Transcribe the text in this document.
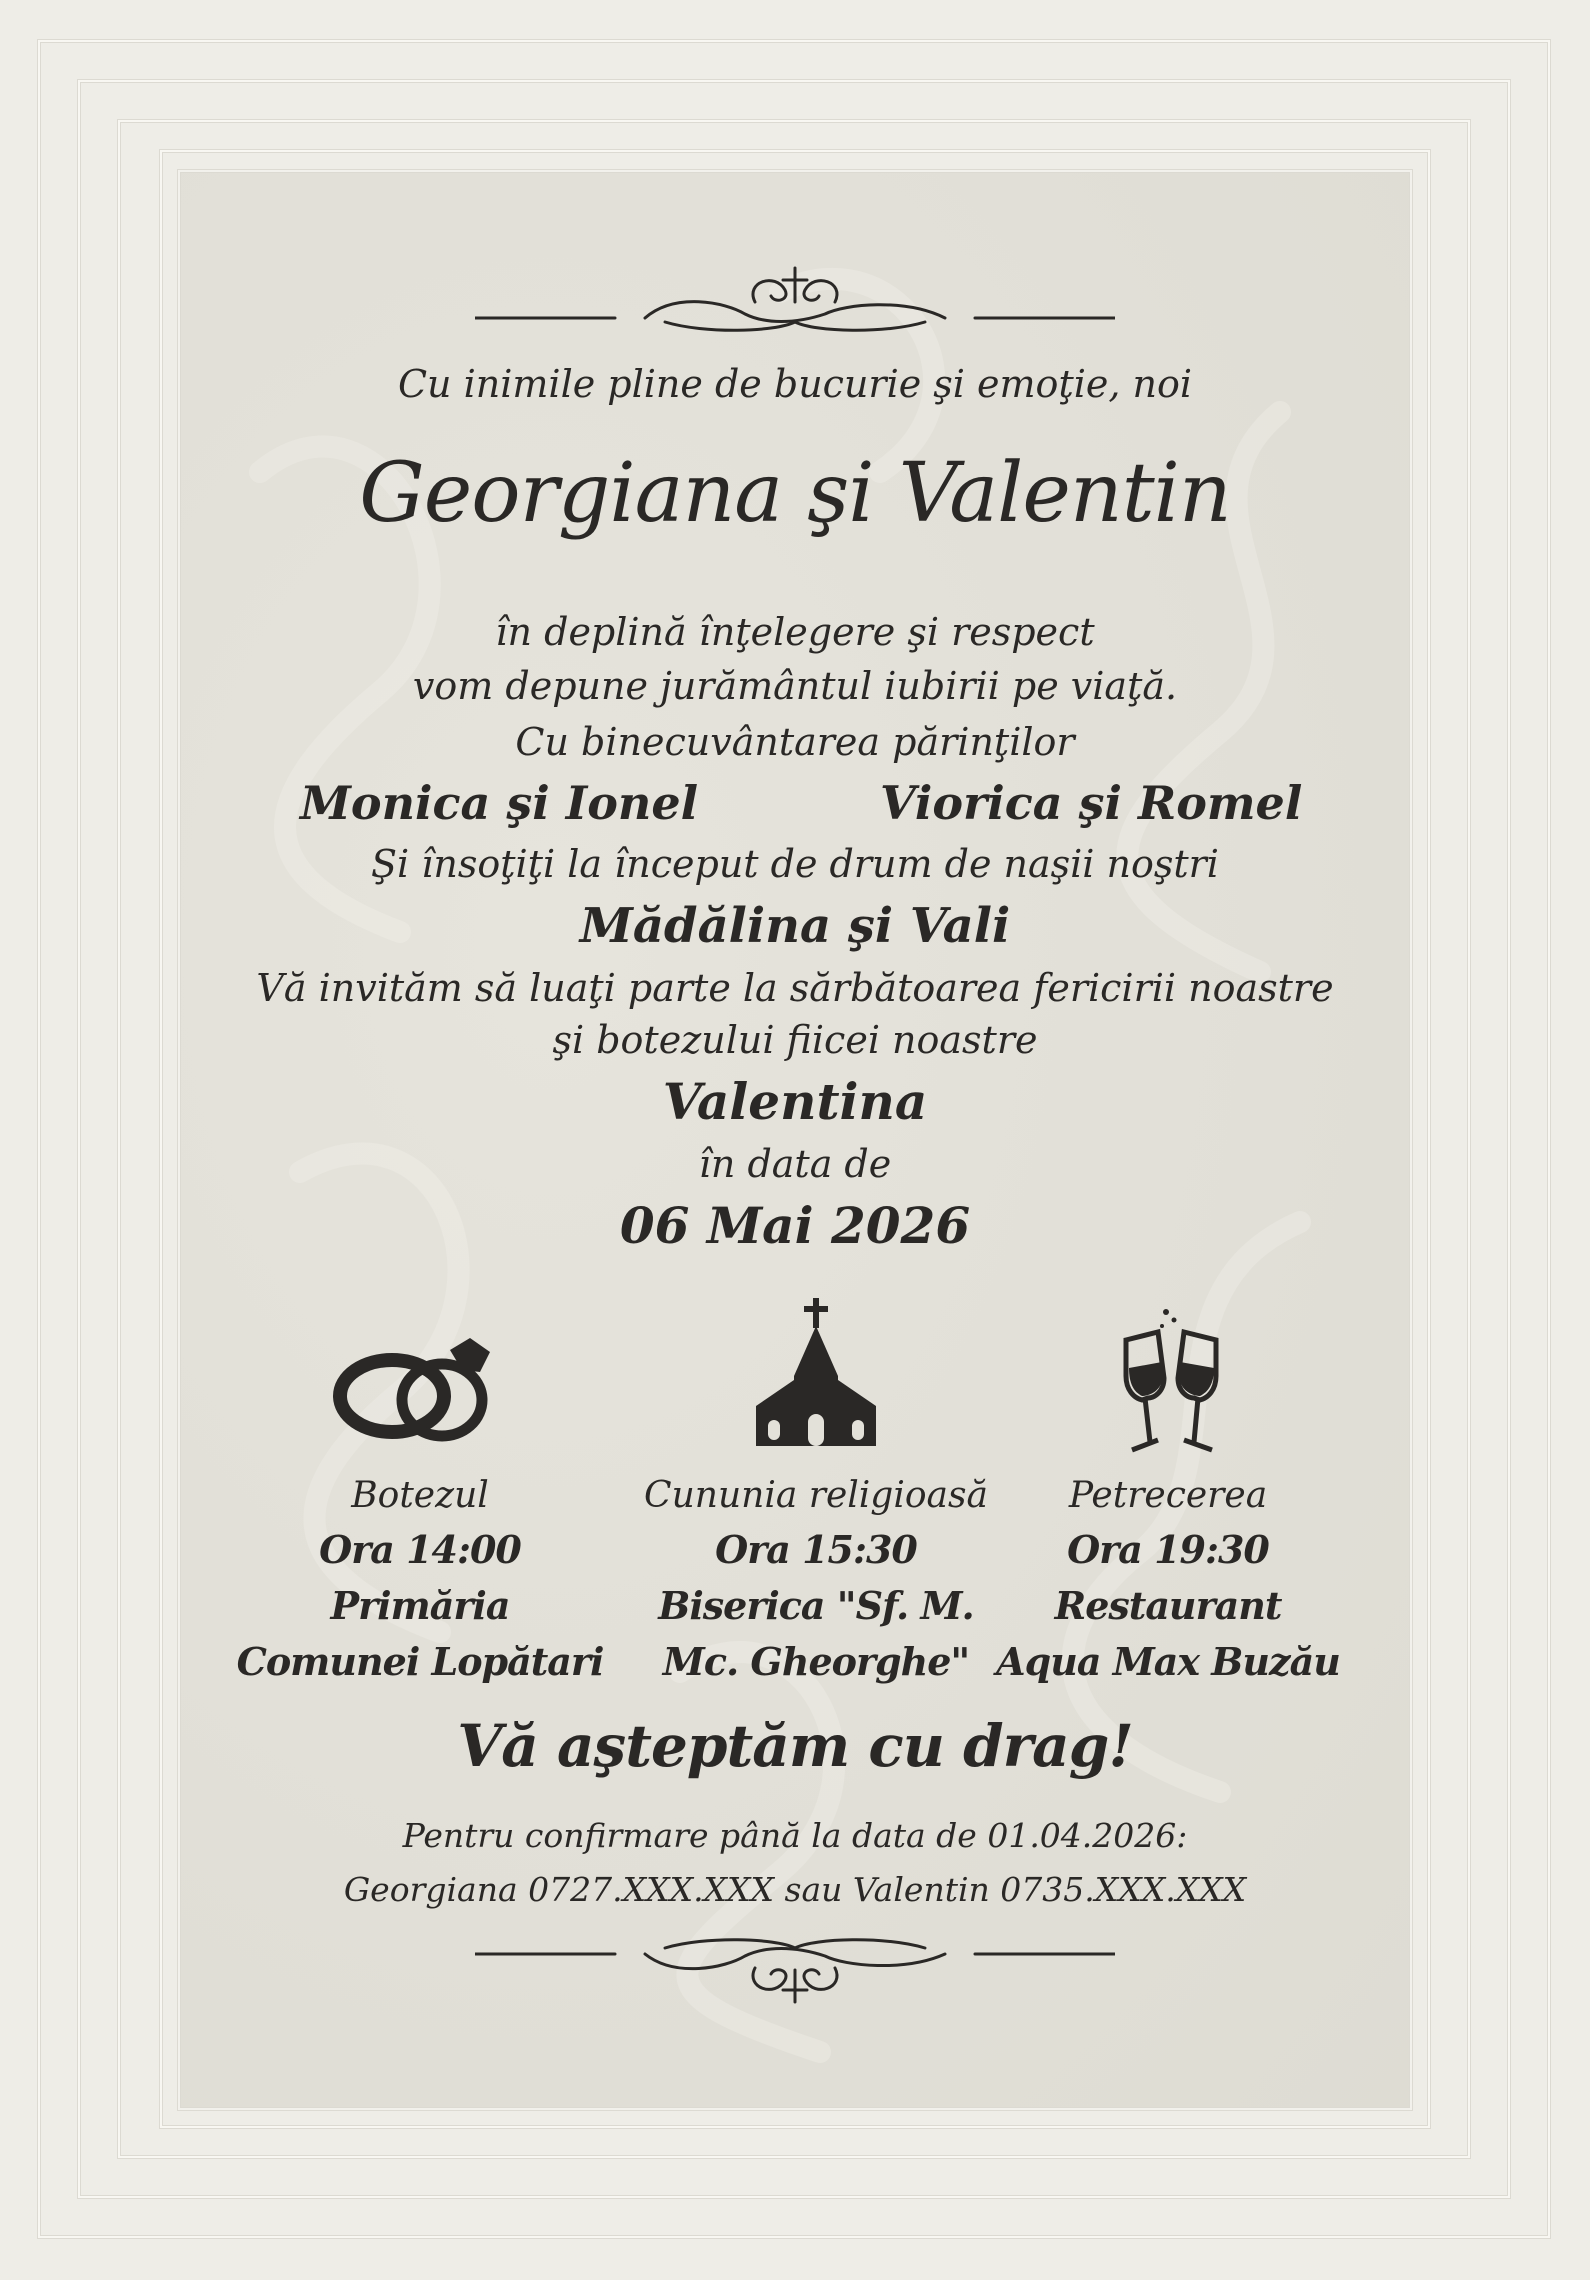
Cu inimile pline de bucurie şi emoţie, noi
Georgiana şi Valentin
în deplină înţelegere şi respect
vom depune jurământul iubirii pe viaţă.
Cu binecuvântarea părinţilor
Monica şi Ionel	Viorica şi Romel
Şi însoţiţi la început de drum de naşii noştri
Mădălina şi Vali
Vă invităm să luaţi parte la sărbătoarea fericirii noastre
şi botezului fiicei noastre
Valentina
în data de
06 Mai 2026
Botezul
Ora 14:00
Primăria
Comunei Lopătari
Cununia religioasă
Ora 15:30
Biserica "Sf. M.
Mc. Gheorghe"
Petrecerea
Ora 19:30
Restaurant
Aqua Max Buzău
Vă aşteptăm cu drag!
Pentru confirmare până la data de 01.04.2026:
Georgiana 0727.XXX.XXX sau Valentin 0735.XXX.XXX
